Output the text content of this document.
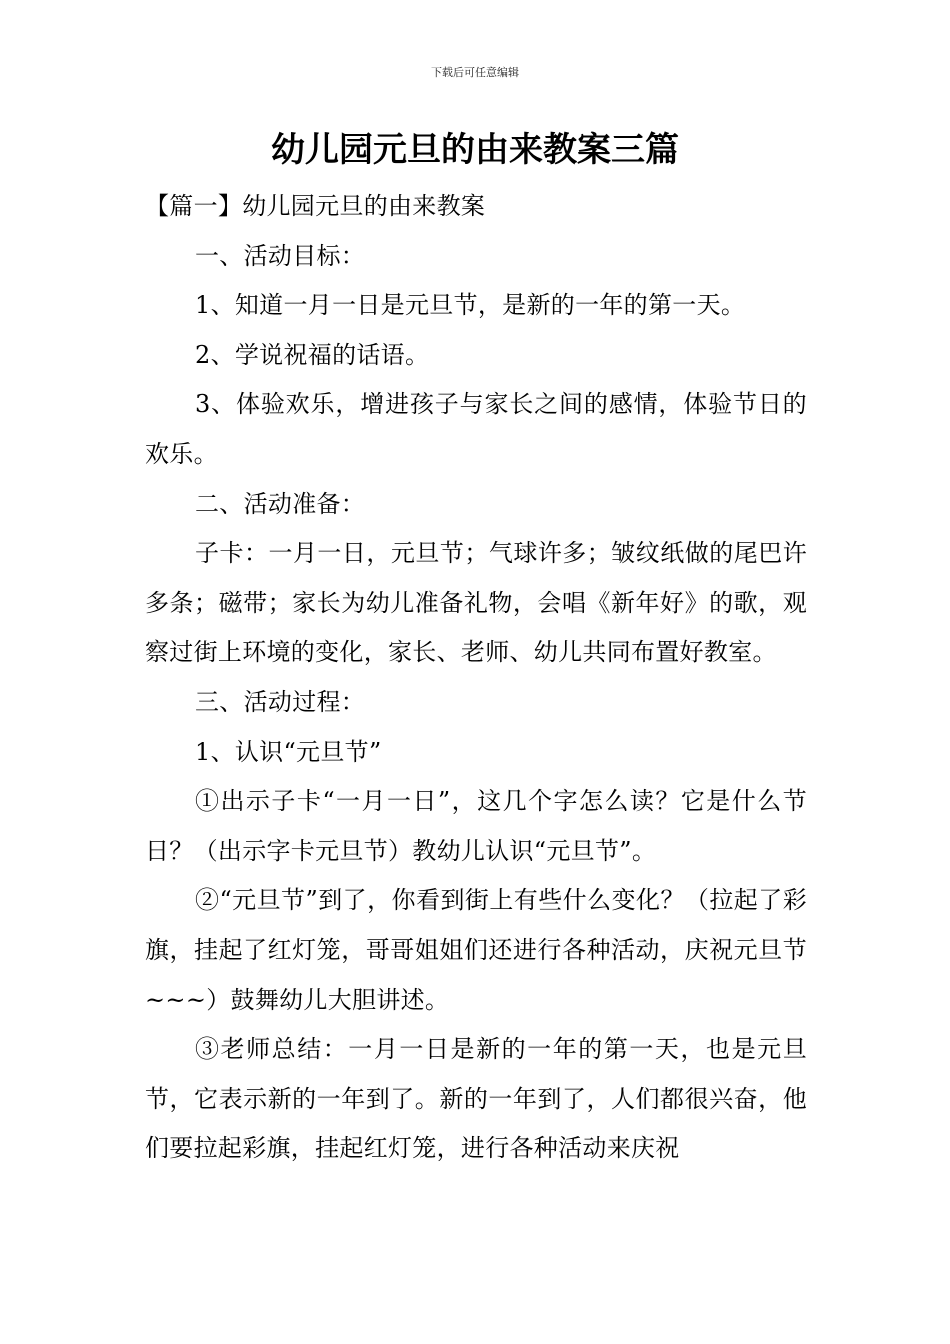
下载后可任意编辑
幼儿园元旦的由来教案三篇

【篇一】幼儿园元旦的由来教案

一、活动目标：

1、知道一月一日是元旦节，是新的一年的第一天。

2、学说祝福的话语。

3、体验欢乐，增进孩子与家长之间的感情，体验节日的欢乐。

二、活动准备：

子卡：一月一日，元旦节；气球许多；皱纹纸做的尾巴许多条；磁带；家长为幼儿准备礼物，会唱《新年好》的歌，观察过街上环境的变化，家长、老师、幼儿共同布置好教室。

三、活动过程：

1、认识“元旦节”

①出示子卡“一月一日”，这几个字怎么读？它是什么节日？（出示字卡元旦节）教幼儿认识“元旦节”。

②“元旦节”到了，你看到街上有些什么变化？（拉起了彩旗，挂起了红灯笼，哥哥姐姐们还进行各种活动，庆祝元旦节~~~）鼓舞幼儿大胆讲述。

③老师总结：一月一日是新的一年的第一天，也是元旦节，它表示新的一年到了。新的一年到了，人们都很兴奋，他们要拉起彩旗，挂起红灯笼，进行各种活动来庆祝
